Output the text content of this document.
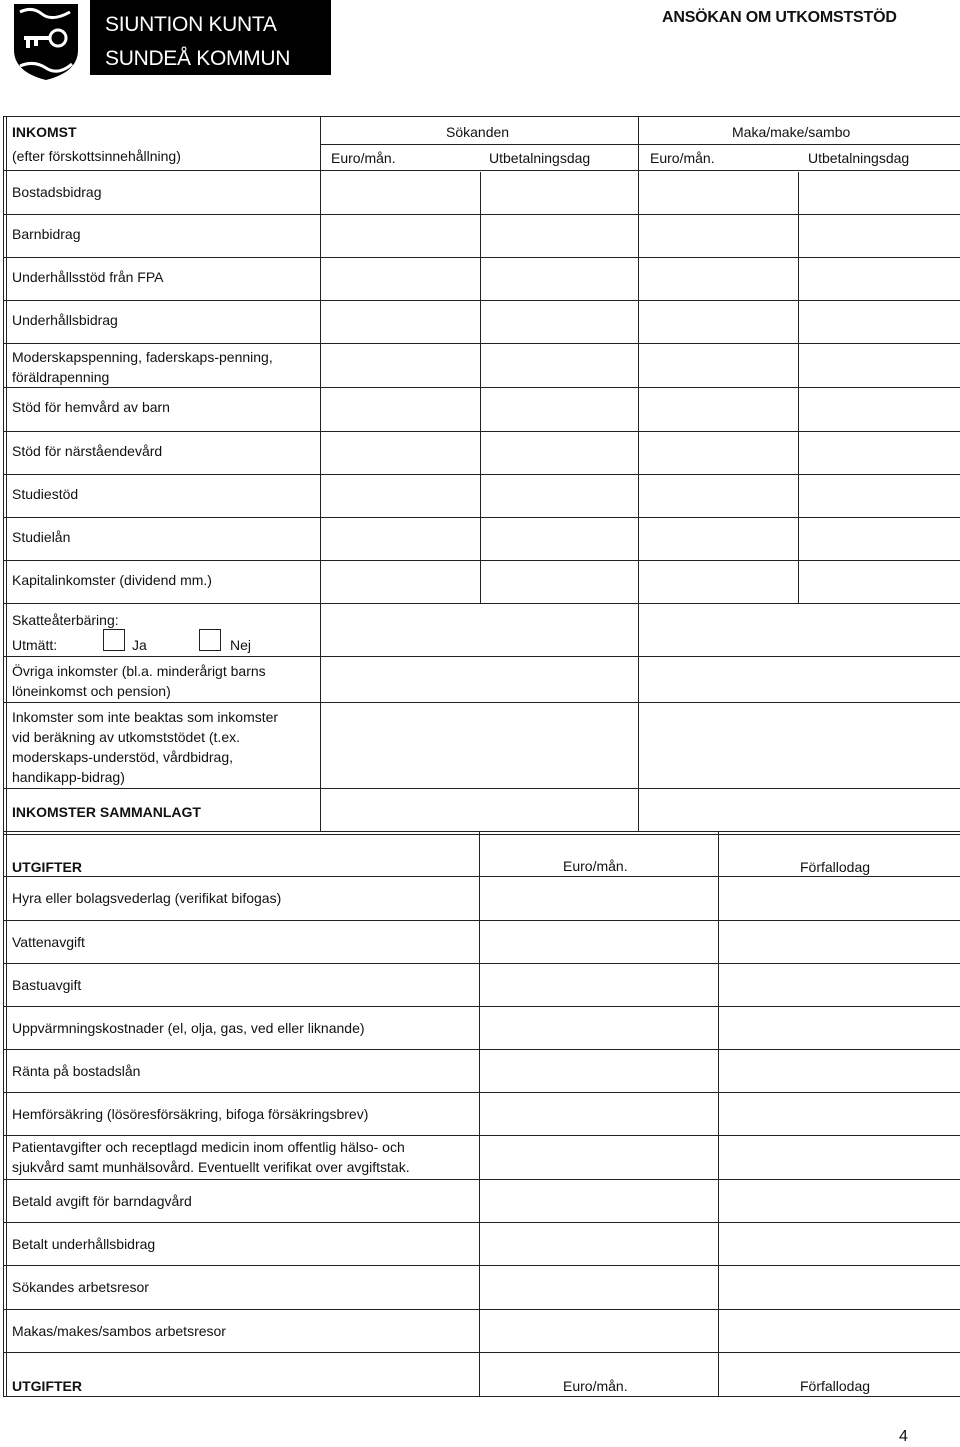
SIUNTION KUNTA
SUNDEÅ KOMMUN
ANSÖKAN OM UTKOMSTSTÖD
INKOMST
(efter förskottsinnehållning)
Sökanden	Maka/make/sambo
Euro/mån.	Utbetalningsdag	Euro/mån.	Utbetalningsdag
Bostadsbidrag
Barnbidrag
Underhållsstöd från FPA
Underhållsbidrag
Moderskapspenning, faderskaps-penning,
föräldrapenning
Stöd för hemvård av barn
Stöd för närståendevård
Studiestöd
Studielån
Kapitalinkomster (dividend mm.)
Skatteåterbäring:
Utmätt:	Ja	Nej
Övriga inkomster (bl.a. minderårigt barns
löneinkomst och pension)
Inkomster som inte beaktas som inkomster
vid beräkning av utkomststödet (t.ex.
moderskaps-understöd, vårdbidrag,
handikapp-bidrag)
INKOMSTER SAMMANLAGT
UTGIFTER	Euro/mån.	Förfallodag
UTGIFTER	Euro/mån.	Förfallodag
Hyra eller bolagsvederlag (verifikat bifogas)
Vattenavgift
Bastuavgift
Uppvärmningskostnader (el, olja, gas, ved eller liknande)
Ränta på bostadslån
Hemförsäkring (lösöresförsäkring, bifoga försäkringsbrev)
Patientavgifter och receptlagd medicin inom offentlig hälso- och
sjukvård samt munhälsovård. Eventuellt verifikat over avgiftstak.
Betald avgift för barndagvård
Betalt underhållsbidrag
Sökandes arbetsresor
Makas/makes/sambos arbetsresor
4
